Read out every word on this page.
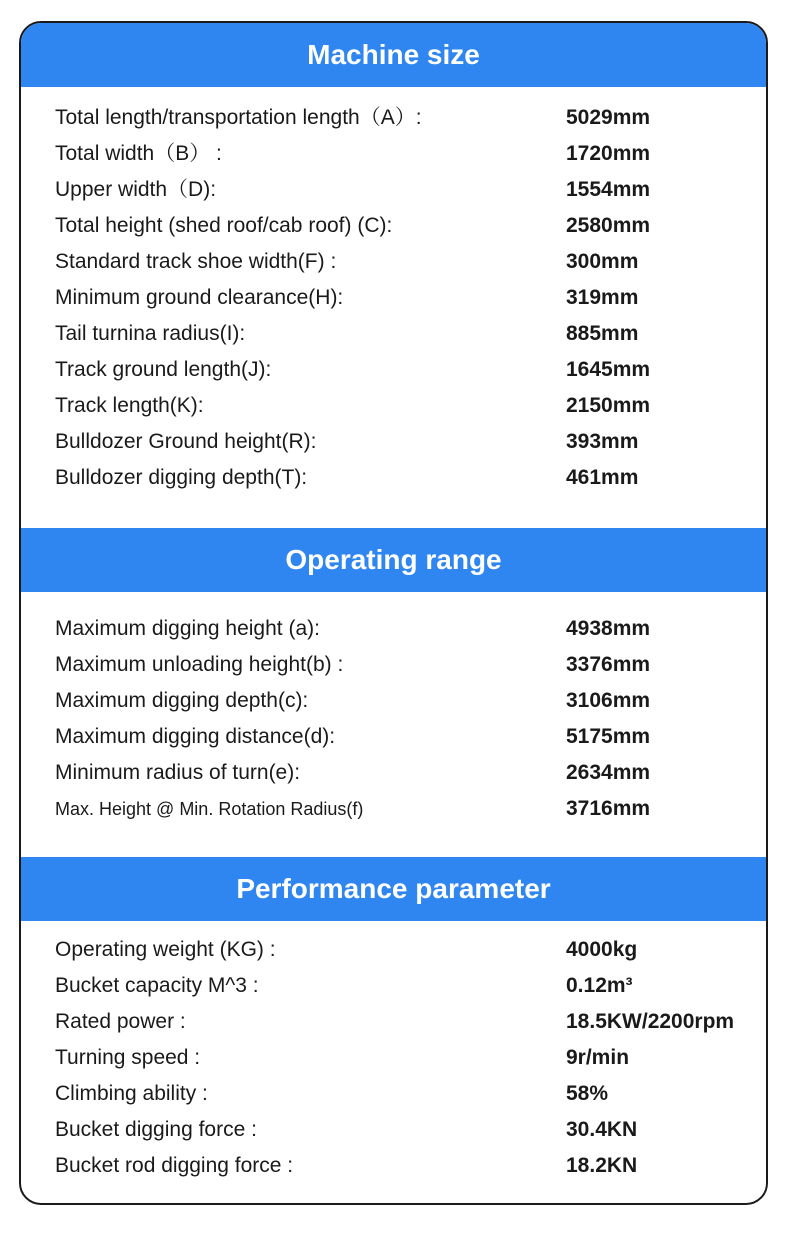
Machine size
Total length/transportation length（A）:	5029mm
Total width（B） :	1720mm
Upper width（D):	1554mm
Total height (shed roof/cab roof) (C):	2580mm
Standard track shoe width(F) :	300mm
Minimum ground clearance(H):	319mm
Tail turnina radius(I):	885mm
Track ground length(J):	1645mm
Track length(K):	2150mm
Bulldozer Ground height(R):	393mm
Bulldozer digging depth(T):	461mm
Operating range
Maximum digging height (a):	4938mm
Maximum unloading height(b) :	3376mm
Maximum digging depth(c):	3106mm
Maximum digging distance(d):	5175mm
Minimum radius of turn(e):	2634mm
Max. Height @ Min. Rotation Radius(f)	3716mm
Performance parameter
Operating weight (KG) :	4000kg
Bucket capacity M^3 :	0.12m³
Rated power :	18.5KW/2200rpm
Turning speed :	9r/min
Climbing ability :	58%
Bucket digging force :	30.4KN
Bucket rod digging force :	18.2KN
